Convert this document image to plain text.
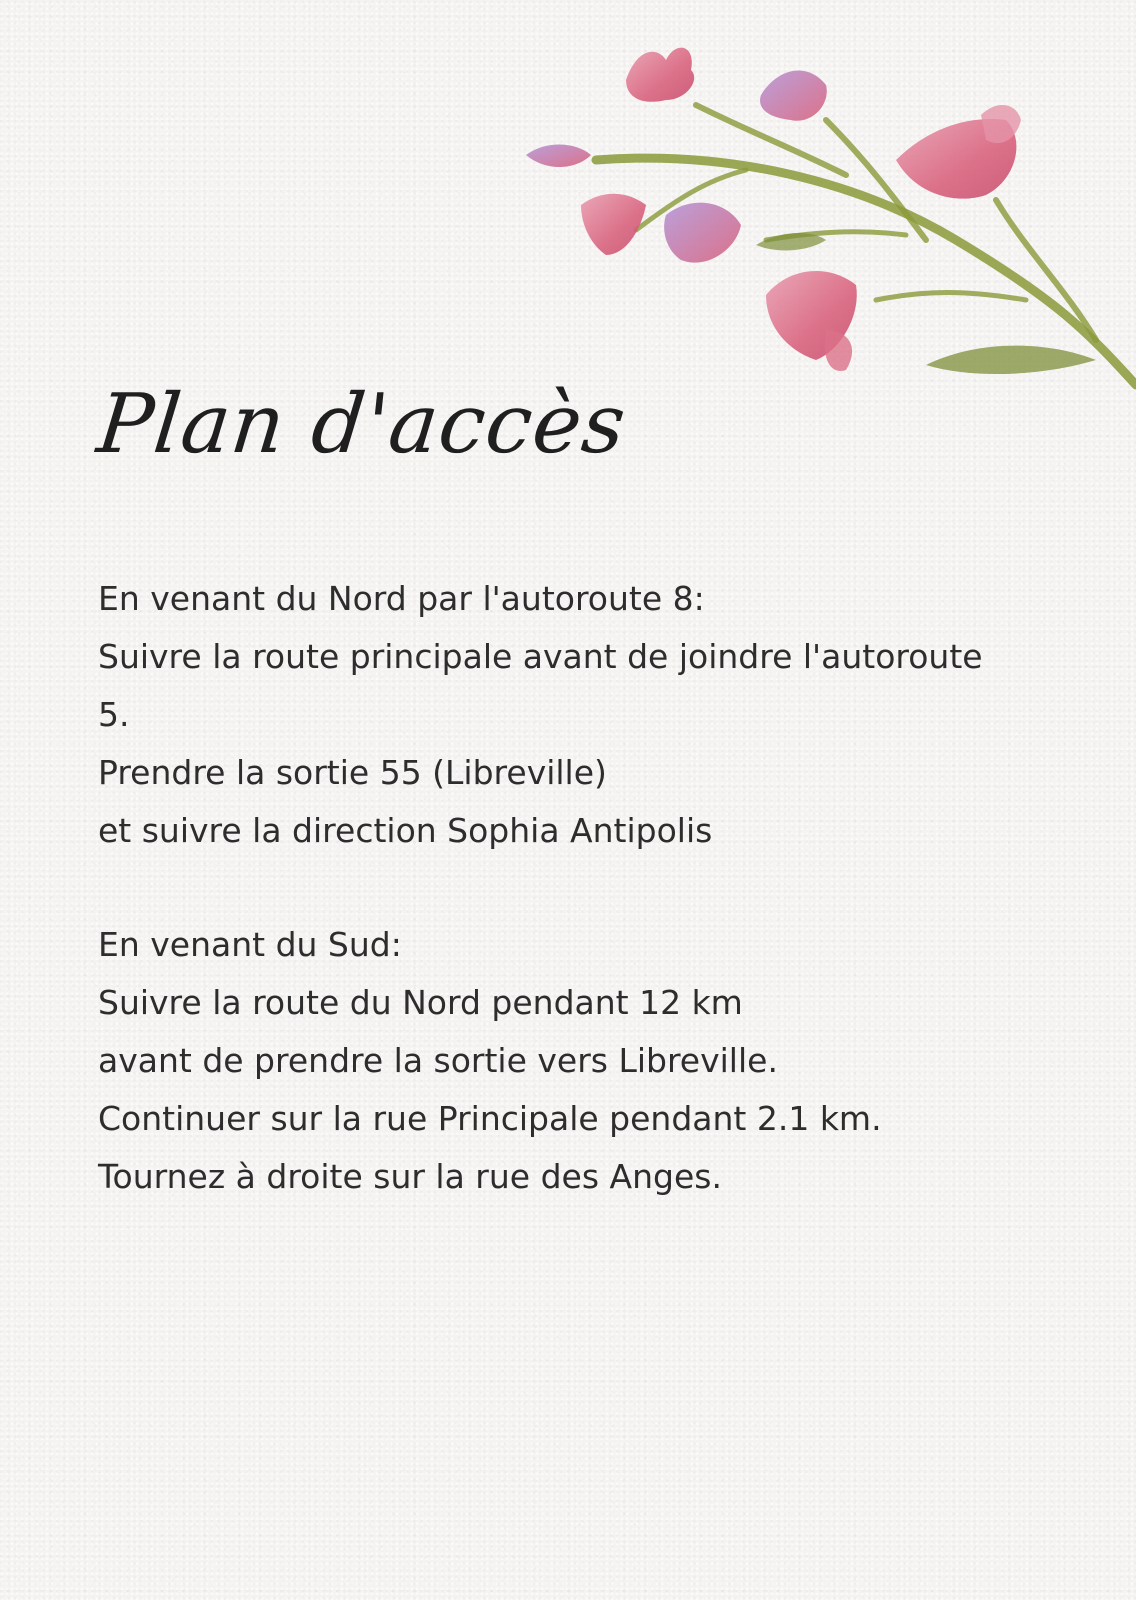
Plan d'accès
En venant du Nord par l'autoroute 8:
Suivre la route principale avant de joindre l'autoroute
5.
Prendre la sortie 55 (Libreville)
et suivre la direction Sophia Antipolis
En venant du Sud:
Suivre la route du Nord pendant 12 km
avant de prendre la sortie vers Libreville.
Continuer sur la rue Principale pendant 2.1 km.
Tournez à droite sur la rue des Anges.
